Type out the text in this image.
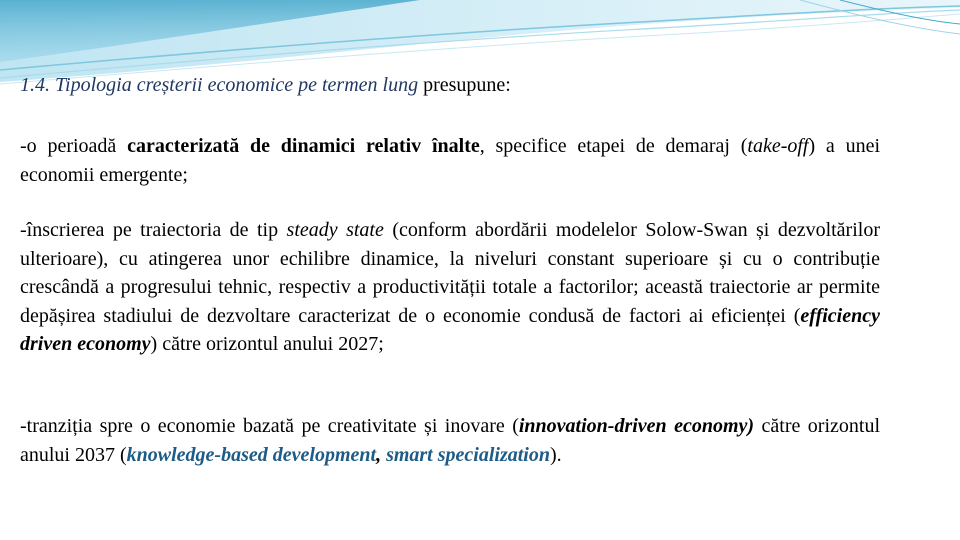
1.4. Tipologia creșterii economice pe termen lung presupune:
-o perioadă caracterizată de dinamici relativ înalte, specifice etapei de demaraj (take-off) a unei economii emergente;
-înscrierea pe traiectoria de tip steady state (conform abordării modelelor Solow-Swan și dezvoltărilor ulterioare), cu atingerea unor echilibre dinamice, la niveluri constant superioare și cu o contribuție crescândă a progresului tehnic, respectiv a productivității totale a factorilor; această traiectorie ar permite depășirea stadiului de dezvoltare caracterizat de o economie condusă de factori ai eficienței (efficiency driven economy) către orizontul anului 2027;
-tranziția spre o economie bazată pe creativitate și inovare (innovation-driven economy) către orizontul anului 2037 (knowledge-based development, smart specialization).
